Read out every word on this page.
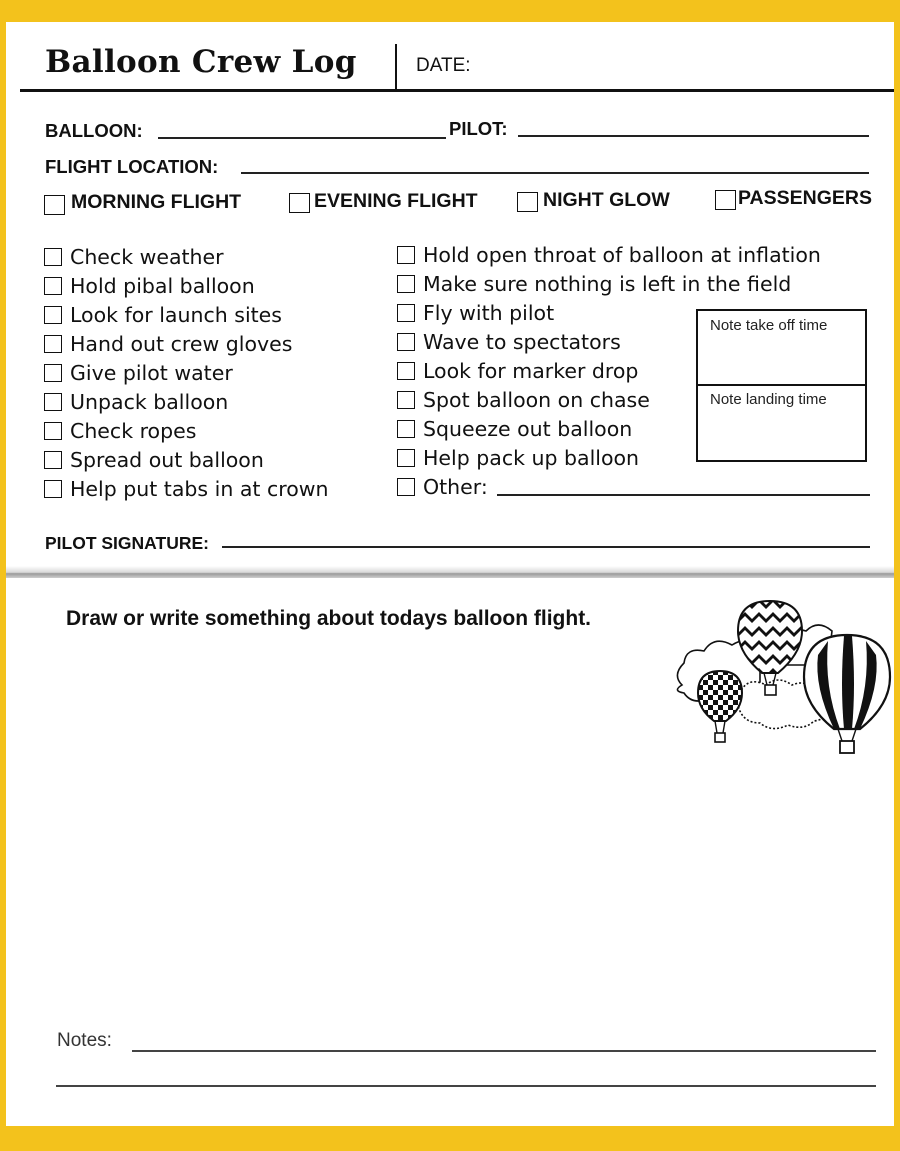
Balloon Crew Log	DATE:
BALLOON:	PILOT:
FLIGHT LOCATION:
MORNING FLIGHT	EVENING FLIGHT	NIGHT GLOW	PASSENGERS
Check weather
Hold pibal balloon
Look for launch sites
Hand out crew gloves
Give pilot water
Unpack balloon
Check ropes
Spread out balloon
Help put tabs in at crown
Hold open throat of balloon at inflation
Make sure nothing is left in the field
Fly with pilot
Wave to spectators
Look for marker drop
Spot balloon on chase
Squeeze out balloon
Help pack up balloon
Other:
Note take off time
Note landing time
PILOT SIGNATURE:
Draw or write something about todays balloon flight.
Notes:
